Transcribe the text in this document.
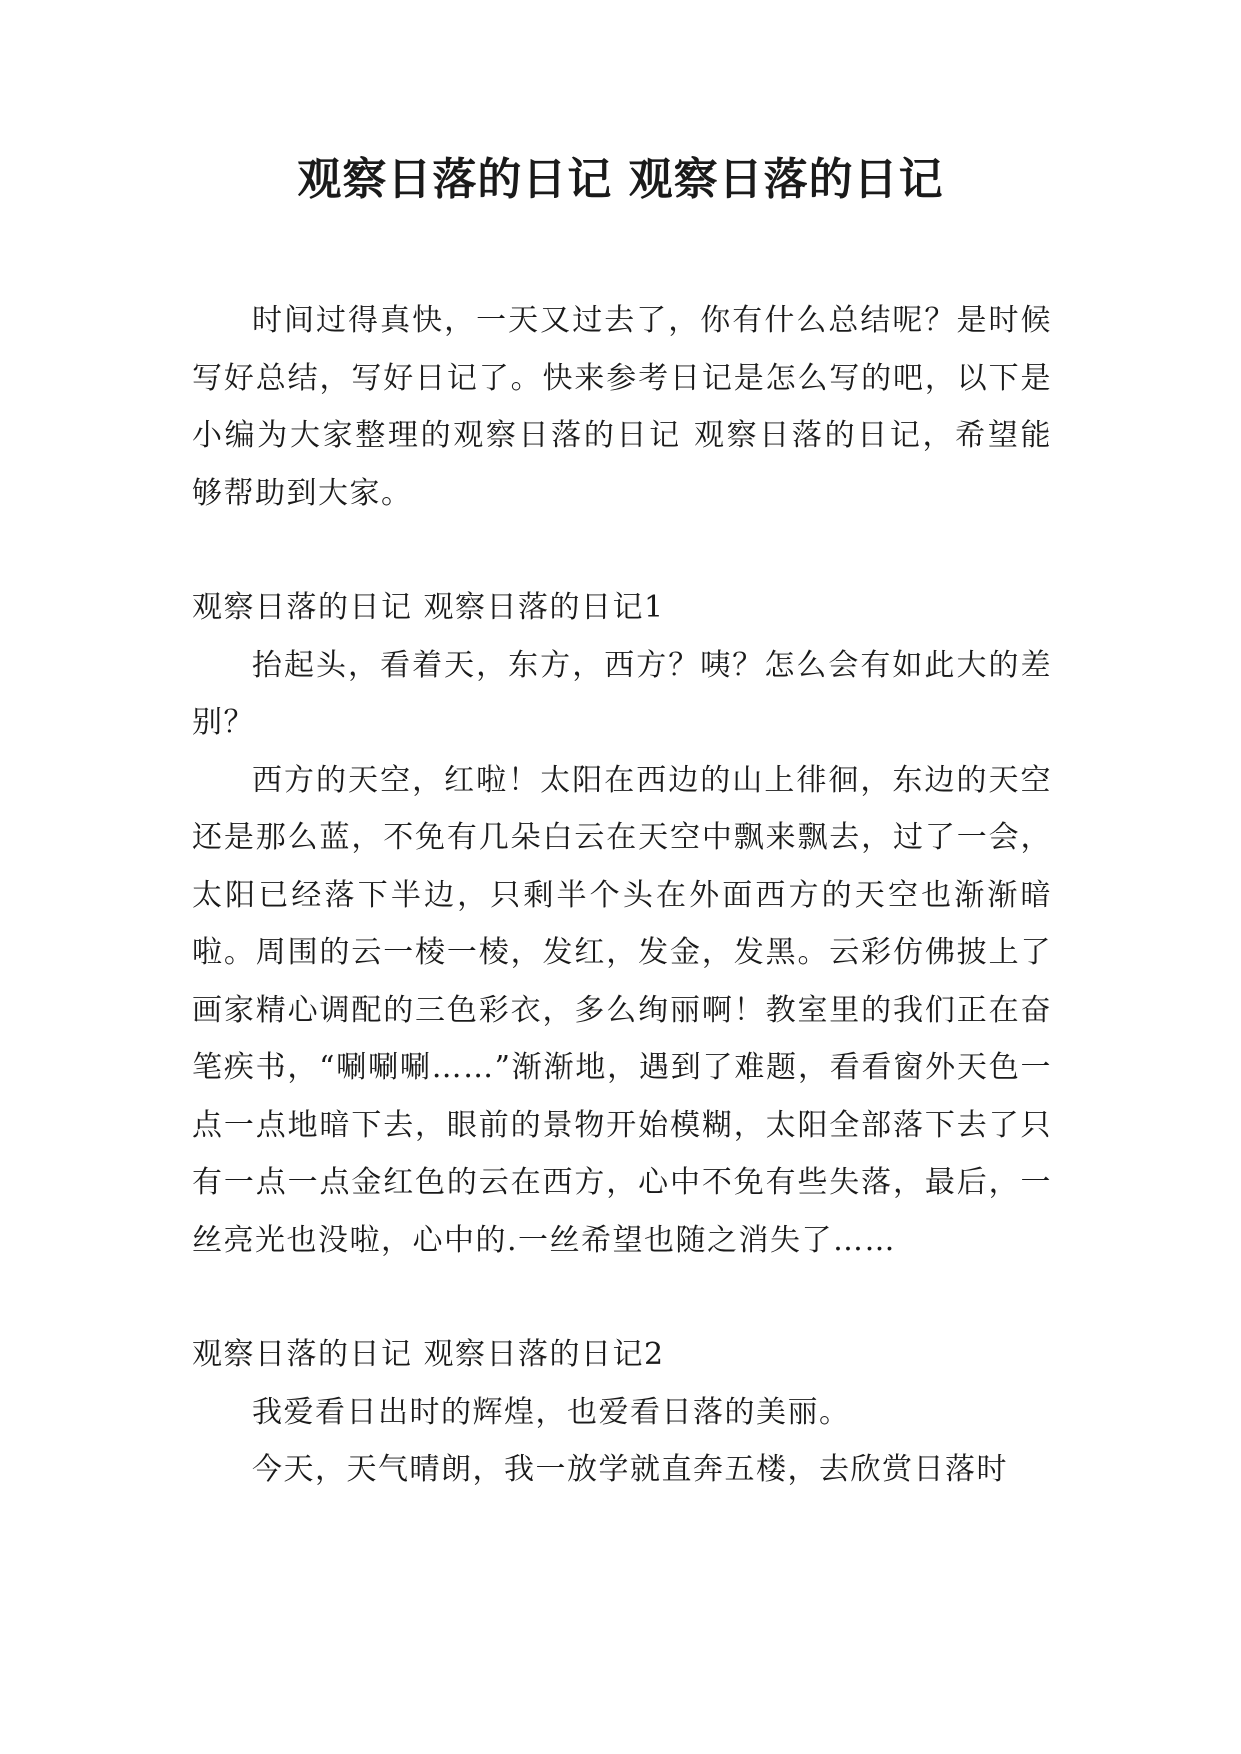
观察日落的日记 观察日落的日记

时间过得真快，一天又过去了，你有什么总结呢？是时候写好总结，写好日记了。快来参考日记是怎么写的吧，以下是小编为大家整理的观察日落的日记 观察日落的日记，希望能够帮助到大家。

观察日落的日记 观察日落的日记1

抬起头，看着天，东方，西方？咦？怎么会有如此大的差别？

西方的天空，红啦！太阳在西边的山上徘徊，东边的天空还是那么蓝，不免有几朵白云在天空中飘来飘去，过了一会，太阳已经落下半边，只剩半个头在外面西方的天空也渐渐暗啦。周围的云一棱一棱，发红，发金，发黑。云彩仿佛披上了画家精心调配的三色彩衣，多么绚丽啊！教室里的我们正在奋笔疾书，“唰唰唰……”渐渐地，遇到了难题，看看窗外天色一点一点地暗下去，眼前的景物开始模糊，太阳全部落下去了只有一点一点金红色的云在西方，心中不免有些失落，最后，一丝亮光也没啦，心中的.一丝希望也随之消失了……

观察日落的日记 观察日落的日记2

我爱看日出时的辉煌，也爱看日落的美丽。

今天，天气晴朗，我一放学就直奔五楼，去欣赏日落时
